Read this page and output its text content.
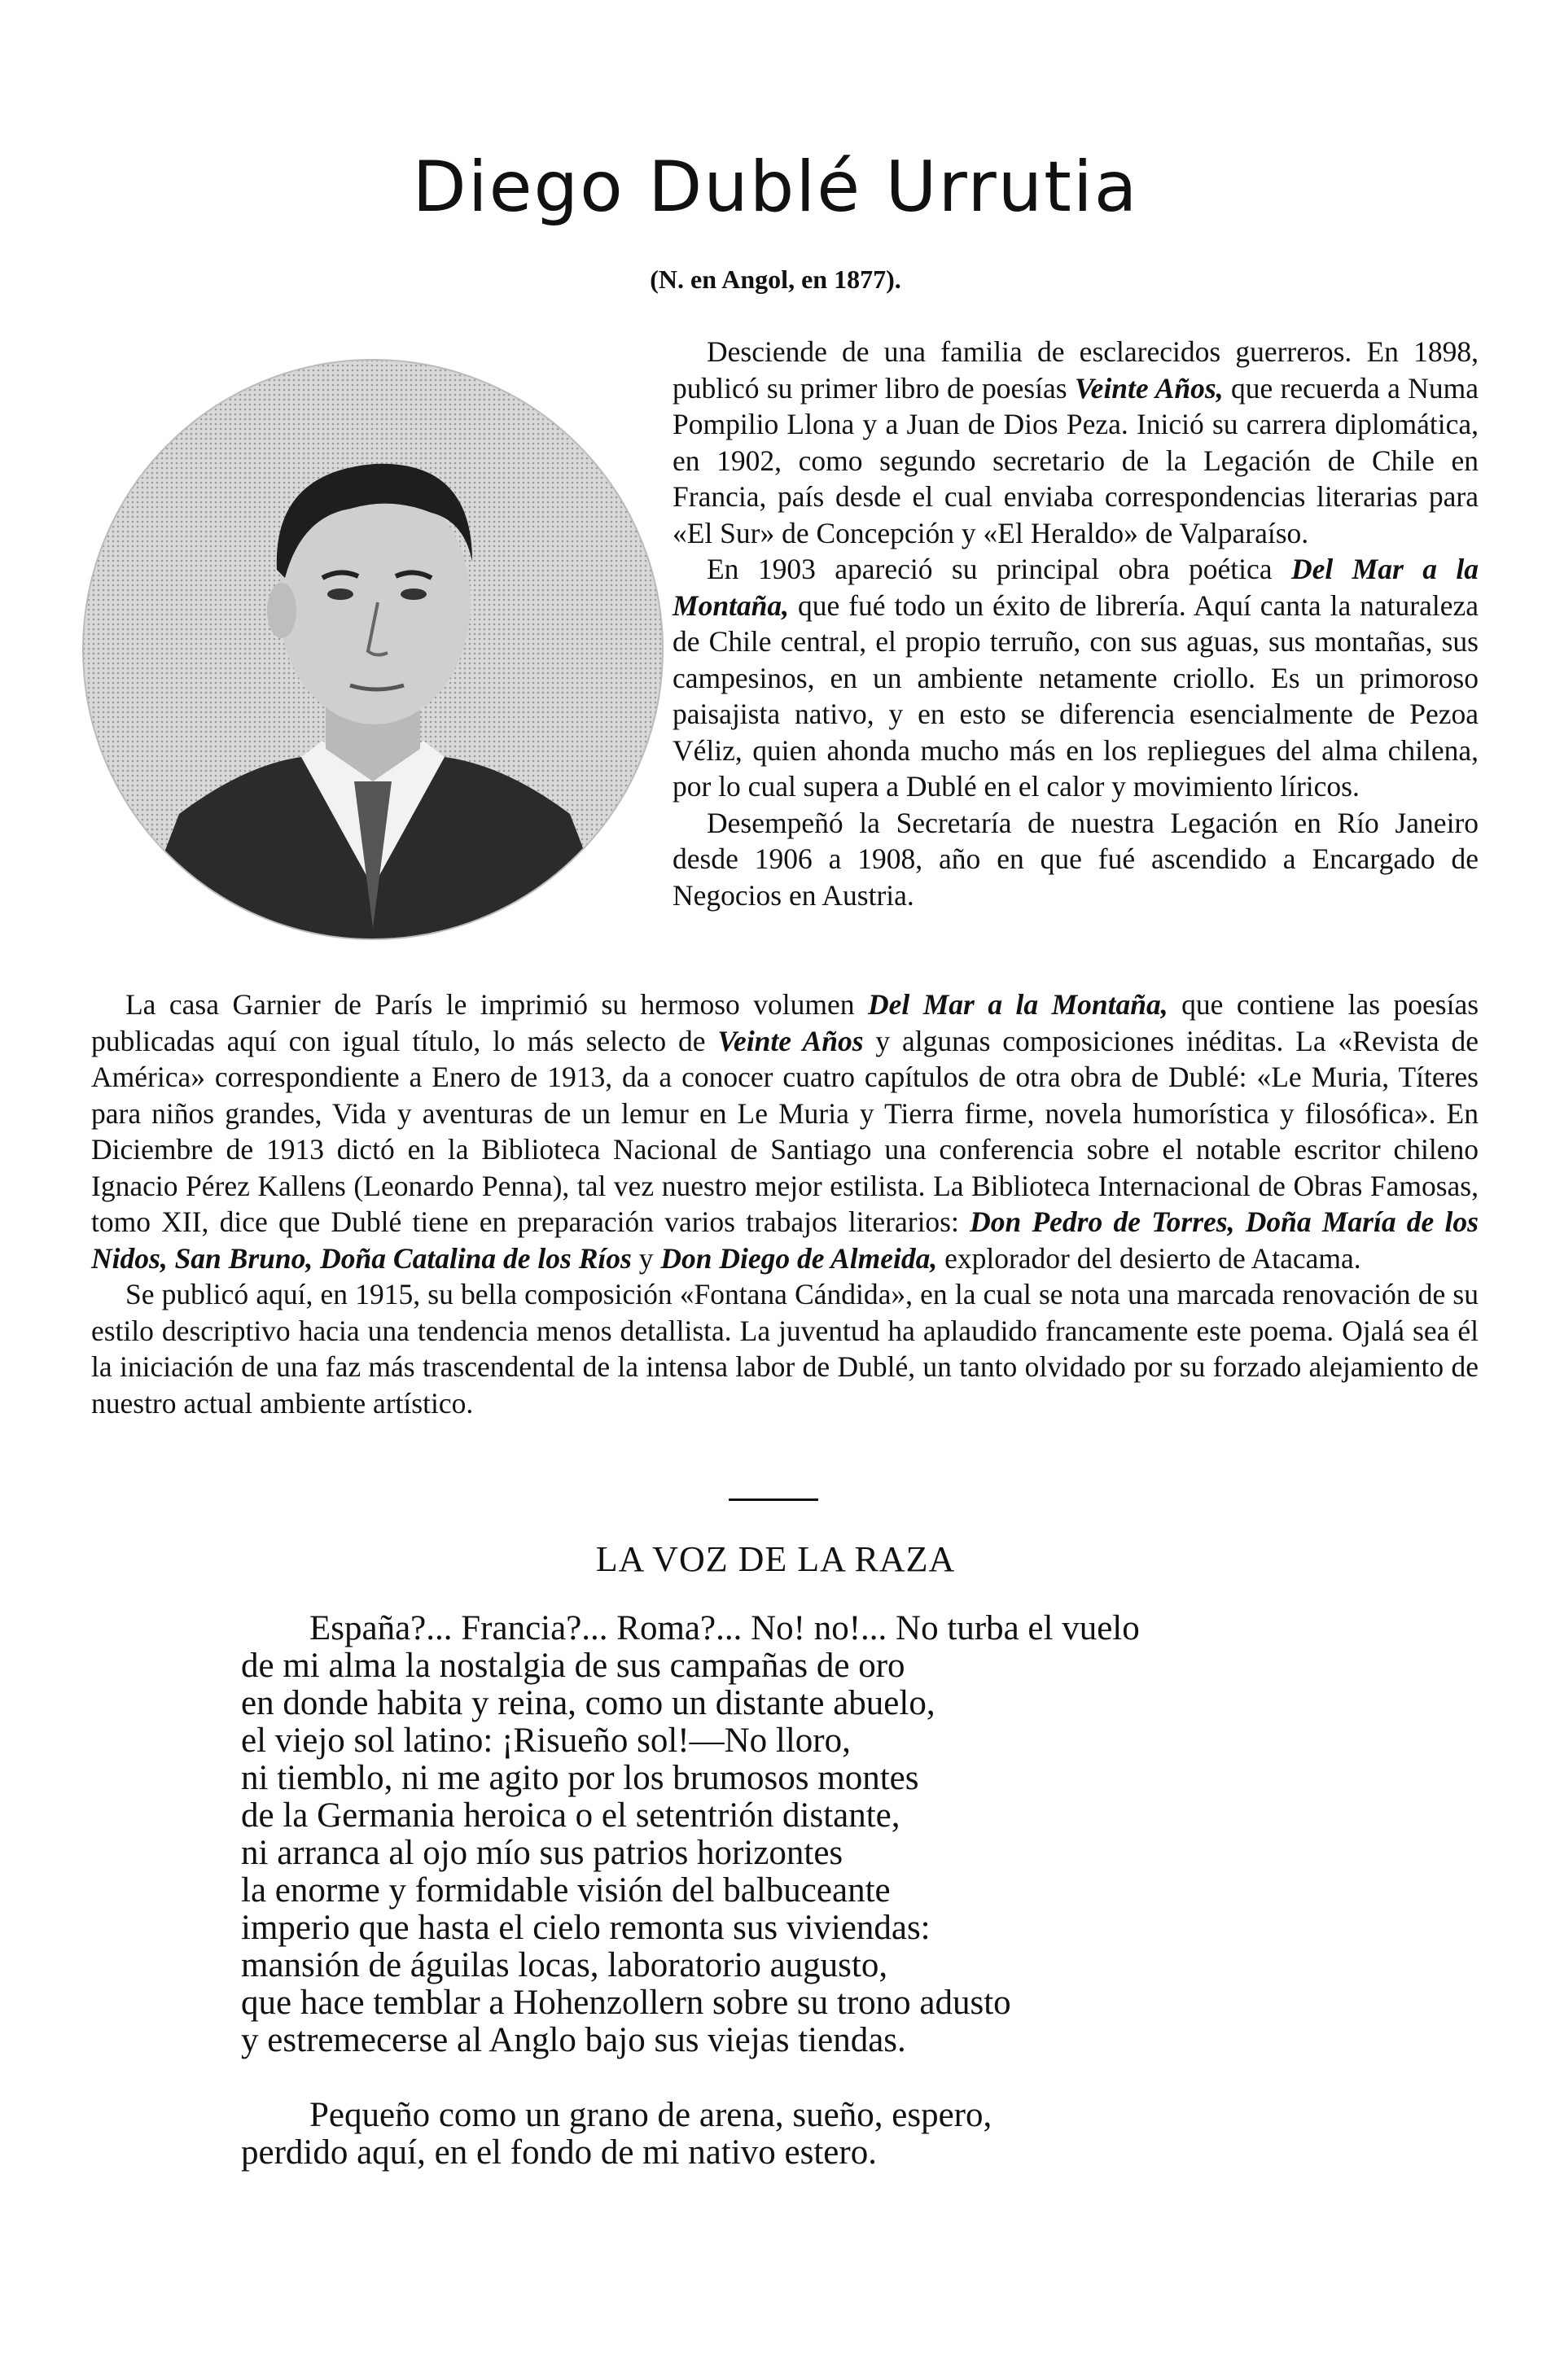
Diego Dublé Urrutia
(N. en Angol, en 1877).

Desciende de una familia de esclarecidos guerreros. En 1898, publicó su primer libro de poesías Veinte Años, que recuerda a Numa Pompilio Llona y a Juan de Dios Peza. Inició su carrera diplomática, en 1902, como segundo secretario de la Legación de Chile en Francia, país desde el cual enviaba correspondencias literarias para «El Sur» de Concepción y «El Heraldo» de Valparaíso.

En 1903 apareció su principal obra poética Del Mar a la Montaña, que fué todo un éxito de librería. Aquí canta la naturaleza de Chile central, el propio terruño, con sus aguas, sus montañas, sus campesinos, en un ambiente netamente criollo. Es un primoroso paisajista nativo, y en esto se diferencia esencialmente de Pezoa Véliz, quien ahonda mucho más en los repliegues del alma chilena, por lo cual supera a Dublé en el calor y movimiento líricos.

Desempeñó la Secretaría de nuestra Legación en Río Janeiro desde 1906 a 1908, año en que fué ascendido a Encargado de Negocios en Austria.

La casa Garnier de París le imprimió su hermoso volumen Del Mar a la Montaña, que contiene las poesías publicadas aquí con igual título, lo más selecto de Veinte Años y algunas composiciones inéditas. La «Revista de América» correspondiente a Enero de 1913, da a conocer cuatro capítulos de otra obra de Dublé: «Le Muria, Títeres para niños grandes, Vida y aventuras de un lemur en Le Muria y Tierra firme, novela humorística y filosófica». En Diciembre de 1913 dictó en la Biblioteca Nacional de Santiago una conferencia sobre el notable escritor chileno Ignacio Pérez Kallens (Leonardo Penna), tal vez nuestro mejor estilista. La Biblioteca Internacional de Obras Famosas, tomo XII, dice que Dublé tiene en preparación varios trabajos literarios: Don Pedro de Torres, Doña María de los Nidos, San Bruno, Doña Catalina de los Ríos y Don Diego de Almeida, explorador del desierto de Atacama.

Se publicó aquí, en 1915, su bella composición «Fontana Cándida», en la cual se nota una marcada renovación de su estilo descriptivo hacia una tendencia menos detallista. La juventud ha aplaudido francamente este poema. Ojalá sea él la iniciación de una faz más trascendental de la intensa labor de Dublé, un tanto olvidado por su forzado alejamiento de nuestro actual ambiente artístico.

LA VOZ DE LA RAZA
España?... Francia?... Roma?... No! no!... No turba el vuelo
de mi alma la nostalgia de sus campañas de oro
en donde habita y reina, como un distante abuelo,
el viejo sol latino: ¡Risueño sol!—No lloro,
ni tiemblo, ni me agito por los brumosos montes
de la Germania heroica o el setentrión distante,
ni arranca al ojo mío sus patrios horizontes
la enorme y formidable visión del balbuceante
imperio que hasta el cielo remonta sus viviendas:
mansión de águilas locas, laboratorio augusto,
que hace temblar a Hohenzollern sobre su trono adusto
y estremecerse al Anglo bajo sus viejas tiendas.
Pequeño como un grano de arena, sueño, espero,
perdido aquí, en el fondo de mi nativo estero.
